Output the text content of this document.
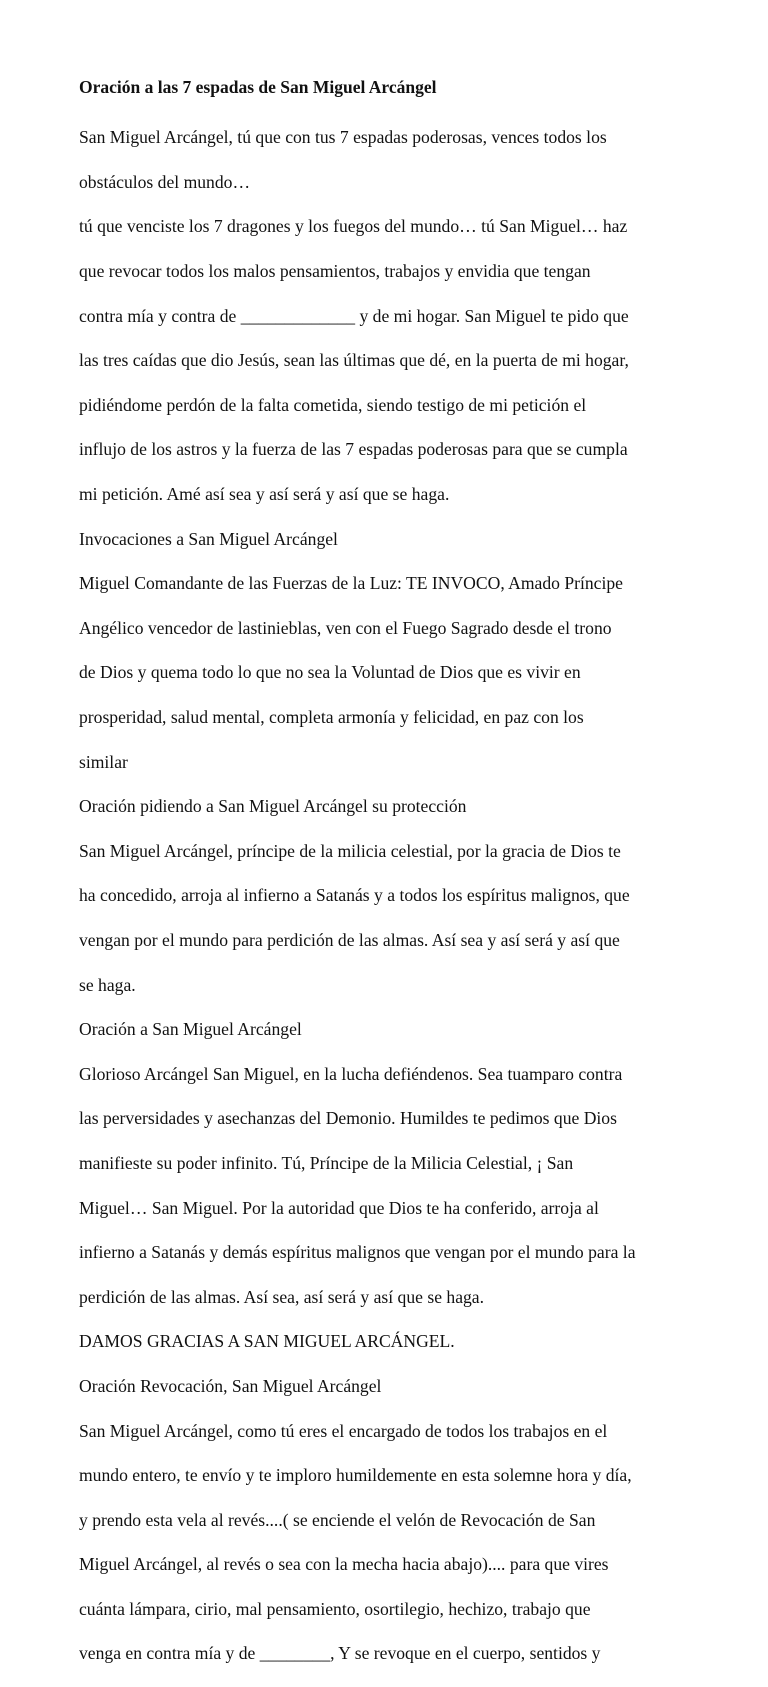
Oración a las 7 espadas de San Miguel Arcángel

San Miguel Arcángel, tú que con tus 7 espadas poderosas, vences todos los

obstáculos del mundo…

tú que venciste los 7 dragones y los fuegos del mundo… tú San Miguel… haz

que revocar todos los malos pensamientos, trabajos y envidia que tengan

contra mía y contra de _____________ y de mi hogar. San Miguel te pido que

las tres caídas que dio Jesús, sean las últimas que dé, en la puerta de mi hogar,

pidiéndome perdón de la falta cometida, siendo testigo de mi petición el

influjo de los astros y la fuerza de las 7 espadas poderosas para que se cumpla

mi petición. Amé así sea y así será y así que se haga.

Invocaciones a San Miguel Arcángel

Miguel Comandante de las Fuerzas de la Luz: TE INVOCO, Amado Príncipe

Angélico vencedor de lastinieblas, ven con el Fuego Sagrado desde el trono

de Dios y quema todo lo que no sea la Voluntad de Dios que es vivir en

prosperidad, salud mental, completa armonía y felicidad, en paz con los

similar

Oración pidiendo a San Miguel Arcángel su protección

San Miguel Arcángel, príncipe de la milicia celestial, por la gracia de Dios te

ha concedido, arroja al infierno a Satanás y a todos los espíritus malignos, que

vengan por el mundo para perdición de las almas. Así sea y así será y así que

se haga.

Oración a San Miguel Arcángel

Glorioso Arcángel San Miguel, en la lucha defiéndenos. Sea tuamparo contra

las perversidades y asechanzas del Demonio. Humildes te pedimos que Dios

manifieste su poder infinito. Tú, Príncipe de la Milicia Celestial, ¡ San

Miguel… San Miguel. Por la autoridad que Dios te ha conferido, arroja al

infierno a Satanás y demás espíritus malignos que vengan por el mundo para la

perdición de las almas. Así sea, así será y así que se haga.

DAMOS GRACIAS A SAN MIGUEL ARCÁNGEL.

Oración Revocación, San Miguel Arcángel

San Miguel Arcángel, como tú eres el encargado de todos los trabajos en el

mundo entero, te envío y te imploro humildemente en esta solemne hora y día,

y prendo esta vela al revés....( se enciende el velón de Revocación de San

Miguel Arcángel, al revés o sea con la mecha hacia abajo).... para que vires

cuánta lámpara, cirio, mal pensamiento, osortilegio, hechizo, trabajo que

venga en contra mía y de ________, Y se revoque en el cuerpo, sentidos y
